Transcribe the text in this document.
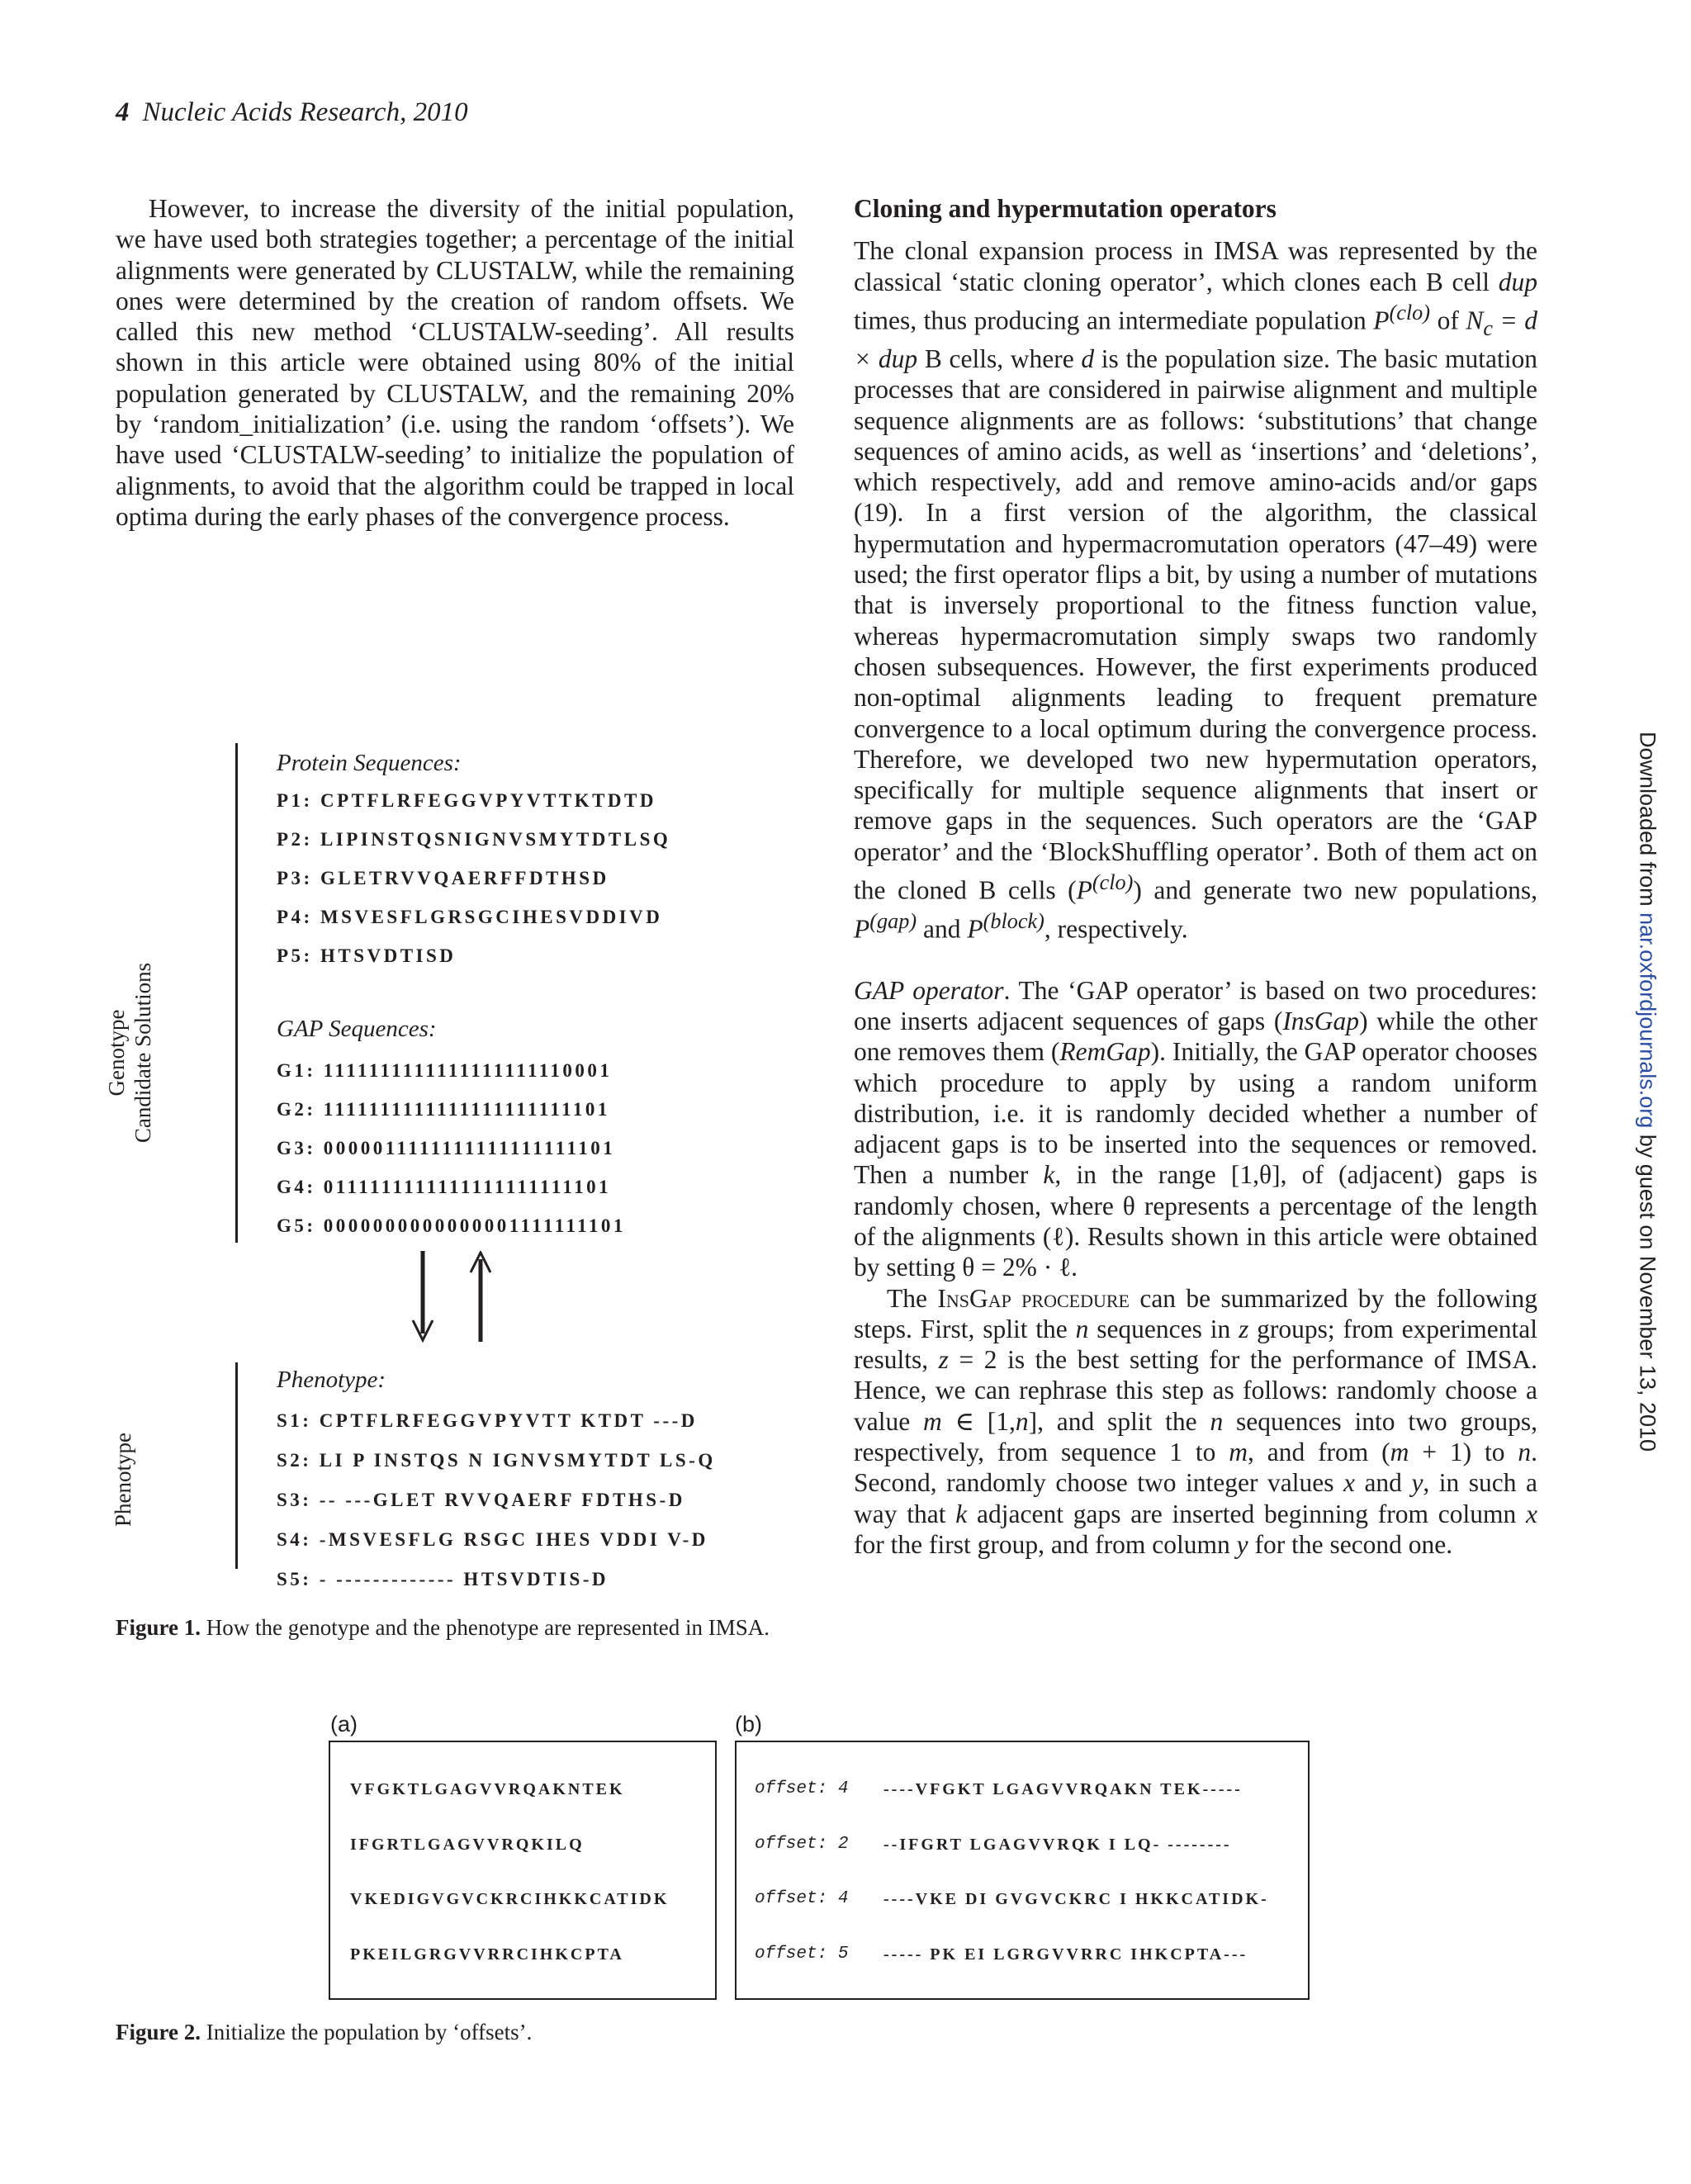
4 Nucleic Acids Research, 2010

However, to increase the diversity of the initial population, we have used both strategies together; a percentage of the initial alignments were generated by CLUSTALW, while the remaining ones were determined by the creation of random offsets. We called this new method ‘CLUSTALW-seeding’. All results shown in this article were obtained using 80% of the initial population generated by CLUSTALW, and the remaining 20% by ‘random_initialization’ (i.e. using the random ‘offsets’). We have used ‘CLUSTALW-seeding’ to initialize the population of alignments, to avoid that the algorithm could be trapped in local optima during the early phases of the convergence process.

Cloning and hypermutation operators

The clonal expansion process in IMSA was represented by the classical ‘static cloning operator’, which clones each B cell dup times, thus producing an intermediate population $P^{(clo)}$ of $N_c = d$ × dup B cells, where d is the population size. The basic mutation processes that are considered in pairwise alignment and multiple sequence alignments are as follows: ‘substitutions’ that change sequences of amino acids, as well as ‘insertions’ and ‘deletions’, which respectively, add and remove amino-acids and/or gaps (19). In a first version of the algorithm, the classical hypermutation and hypermacromutation operators (47–49) were used; the first operator flips a bit, by using a number of mutations that is inversely proportional to the fitness function value, whereas hypermacromutation simply swaps two randomly chosen subsequences. However, the first experiments produced non-optimal alignments leading to frequent premature convergence to a local optimum during the convergence process. Therefore, we developed two new hypermutation operators, specifically for multiple sequence alignments that insert or remove gaps in the sequences. Such operators are the ‘GAP operator’ and the ‘BlockShuffling operator’. Both of them act on the cloned B cells $(P^{(clo)})$ and generate two new populations, $P^{(gap)}$ and $P^{(block)}$, respectively.

GAP operator. The ‘GAP operator’ is based on two procedures: one inserts adjacent sequences of gaps (InsGap) while the other one removes them (RemGap). Initially, the GAP operator chooses which procedure to apply by using a random uniform distribution, i.e. it is randomly decided whether a number of adjacent gaps is to be inserted into the sequences or removed. Then a number k, in the range [1,θ], of (adjacent) gaps is randomly chosen, where θ represents a percentage of the length of the alignments (ℓ). Results shown in this article were obtained by setting θ = 2% · ℓ.

The InsGap procedure can be summarized by the following steps. First, split the n sequences in z groups; from experimental results, z = 2 is the best setting for the performance of IMSA. Hence, we can rephrase this step as follows: randomly choose a value m ∈ [1,n], and split the n sequences into two groups, respectively, from sequence 1 to m, and from (m + 1) to n. Second, randomly choose two integer values x and y, in such a way that k adjacent gaps are inserted beginning from column x for the first group, and from column y for the second one.

Genotype Candidate Solutions
Phenotype
Protein Sequences:
P1: CPTFLRFEGGVPYVTTKTDTD
P2: LIPINSTQSNIGNVSMYTDTLSQ
P3: GLETRVVQAERFFDTHSD
P4: MSVESFLGRSGCIHESVDDIVD
P5: HTSVDTISD
GAP Sequences:
G1: 1111111111111111111110001
G2: 1111111111111111111111101
G3: 0000011111111111111111101
G4: 0111111111111111111111101
G5: 0000000000000001111111101
Phenotype:
S1: CPTFLRFEGGVPYVTT KTDT ---D
S2: LI P INSTQS N IGNVSMYTDT LS-Q
S3: -- ---GLET RVVQAERF FDTHS-D
S4: -MSVESFLG RSGC IHES VDDI V-D
S5: - ------------- HTSVDTIS-D
Figure 1. How the genotype and the phenotype are represented in IMSA.
(a)	(b)
VFGKTLGAGVVRQAKNTEK
IFGRTLGAGVVRQKILQ
VKEDIGVGVCKRCIHKKCATIDK
PKEILGRGVVRRCIHKCPTA
offset: 4 ----VFGKT LGAGVVRQAKN TEK-----
offset: 2 --IFGRT LGAGVVRQK I LQ- --------
offset: 4 ----VKE DI GVGVCKRC I HKKCATIDK-
offset: 5 ----- PK EI LGRGVVRRC IHKCPTA---
Figure 2. Initialize the population by ‘offsets’.
Downloaded from nar.oxfordjournals.org by guest on November 13, 2010
